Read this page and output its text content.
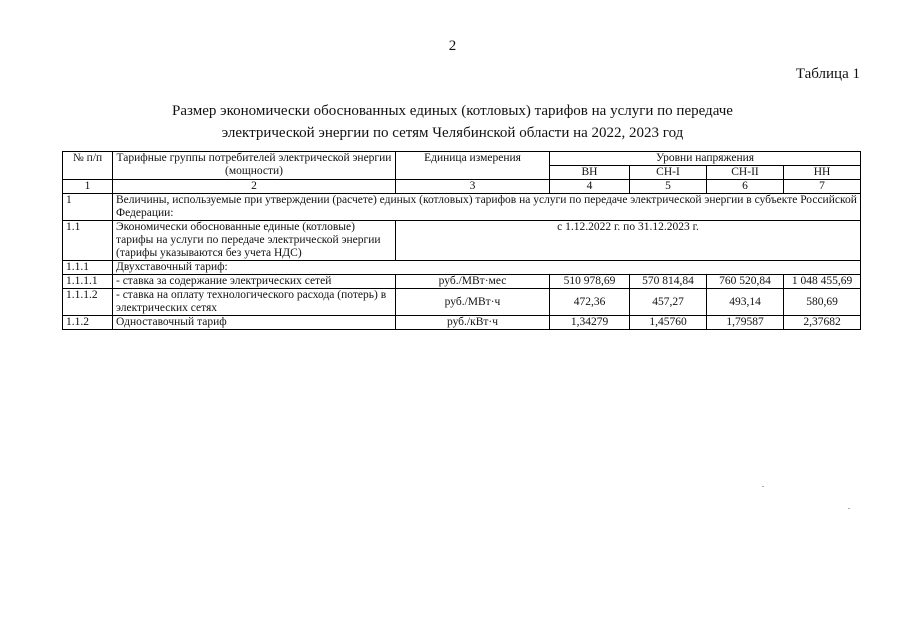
2
Таблица 1
Размер экономически обоснованных единых (котловых) тарифов на услуги по передаче
электрической энергии по сетям Челябинской области на 2022, 2023 год
№ п/п	Тарифные группы потребителей электрической энергии (мощности)	Единица измерения	Уровни напряжения			
			ВН	СН-I	СН-II	НН
1	2	3	4	5	6	7
1	Величины, используемые при утверждении (расчете) единых (котловых) тарифов на услуги по передаче электрической энергии в субъекте Российской Федерации:					
1.1	Экономически обоснованные единые (котловые) тарифы на услуги по передаче электрической энергии (тарифы указываются без учета НДС)	с 1.12.2022 г. по 31.12.2023 г.				
1.1.1	Двухставочный тариф:					
1.1.1.1	- ставка за содержание электрических сетей	руб./МВт·мес	510 978,69	570 814,84	760 520,84	1 048 455,69
1.1.1.2	- ставка на оплату технологического расхода (потерь) в электрических сетях	руб./МВт·ч	472,36	457,27	493,14	580,69
1.1.2	Одноставочный тариф	руб./кВт·ч	1,34279	1,45760	1,79587	2,37682
